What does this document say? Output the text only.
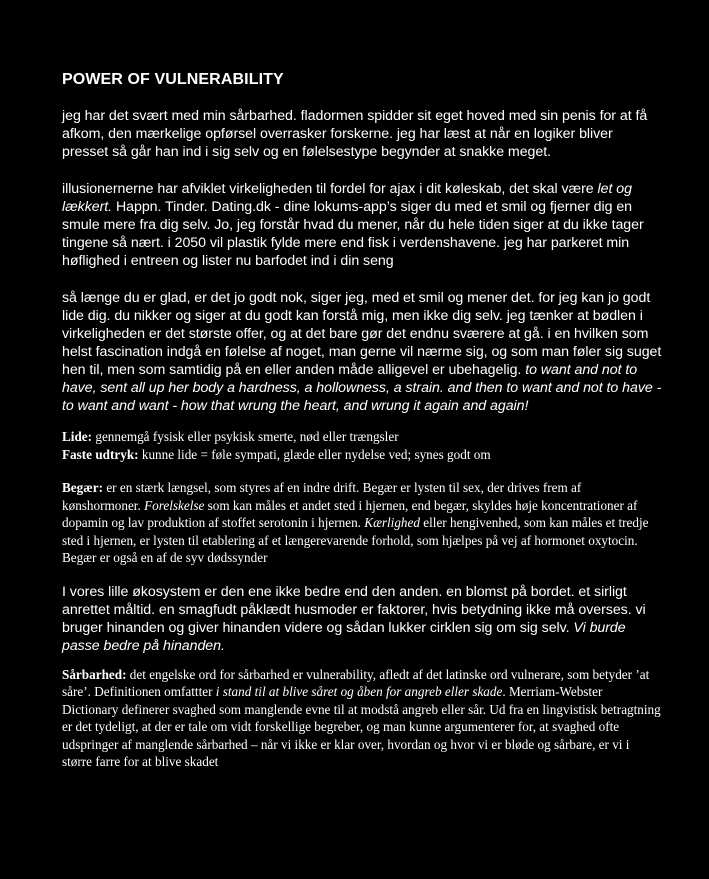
POWER OF VULNERABILITY

jeg har det svært med min sårbarhed. fladormen spidder sit eget hoved med sin penis for at få afkom, den mærkelige opførsel overrasker forskerne. jeg har læst at når en logiker bliver presset så går han ind i sig selv og en følelsestype begynder at snakke meget.

illusionernerne har afviklet virkeligheden til fordel for ajax i dit køleskab, det skal være let og lækkert. Happn. Tinder. Dating.dk - dine lokums-app’s siger du med et smil og fjerner dig en smule mere fra dig selv. Jo, jeg forstår hvad du mener, når du hele tiden siger at du ikke tager tingene så nært. i 2050 vil plastik fylde mere end fisk i verdenshavene. jeg har parkeret min høflighed i entreen og lister nu barfodet ind i din seng

så længe du er glad, er det jo godt nok, siger jeg, med et smil og mener det. for jeg kan jo godt lide dig. du nikker og siger at du godt kan forstå mig, men ikke dig selv. jeg tænker at bødlen i virkeligheden er det største offer, og at det bare gør det endnu sværere at gå. i en hvilken som helst fascination indgå en følelse af noget, man gerne vil nærme sig, og som man føler sig suget hen til, men som samtidig på en eller anden måde alligevel er ubehagelig. to want and not to have, sent all up her body a hardness, a hollowness, a strain. and then to want and not to have - to want and want - how that wrung the heart, and wrung it again and again!

Lide: gennemgå fysisk eller psykisk smerte, nød eller trængsler
Faste udtryk: kunne lide = føle sympati, glæde eller nydelse ved; synes godt om

Begær: er en stærk længsel, som styres af en indre drift. Begær er lysten til sex, der drives frem af kønshormoner. Forelskelse som kan måles et andet sted i hjernen, end begær, skyldes høje koncentrationer af dopamin og lav produktion af stoffet serotonin i hjernen. Kærlighed eller hengivenhed, som kan måles et tredje sted i hjernen, er lysten til etablering af et længerevarende forhold, som hjælpes på vej af hormonet oxytocin. Begær er også en af de syv dødssynder

I vores lille økosystem er den ene ikke bedre end den anden. en blomst på bordet. et sirligt anrettet måltid. en smagfudt påklædt husmoder er faktorer, hvis betydning ikke må overses. vi bruger hinanden og giver hinanden videre og sådan lukker cirklen sig om sig selv. Vi burde passe bedre på hinanden.

Sårbarhed: det engelske ord for sårbarhed er vulnerability, afledt af det latinske ord vulnerare, som betyder ’at såre’. Definitionen omfattter i stand til at blive såret og åben for angreb eller skade. Merriam-Webster Dictionary definerer svaghed som manglende evne til at modstå angreb eller sår. Ud fra en lingvistisk betragtning er det tydeligt, at der er tale om vidt forskellige begreber, og man kunne argumenterer for, at svaghed ofte udspringer af manglende sårbarhed – når vi ikke er klar over, hvordan og hvor vi er bløde og sårbare, er vi i større farre for at blive skadet
